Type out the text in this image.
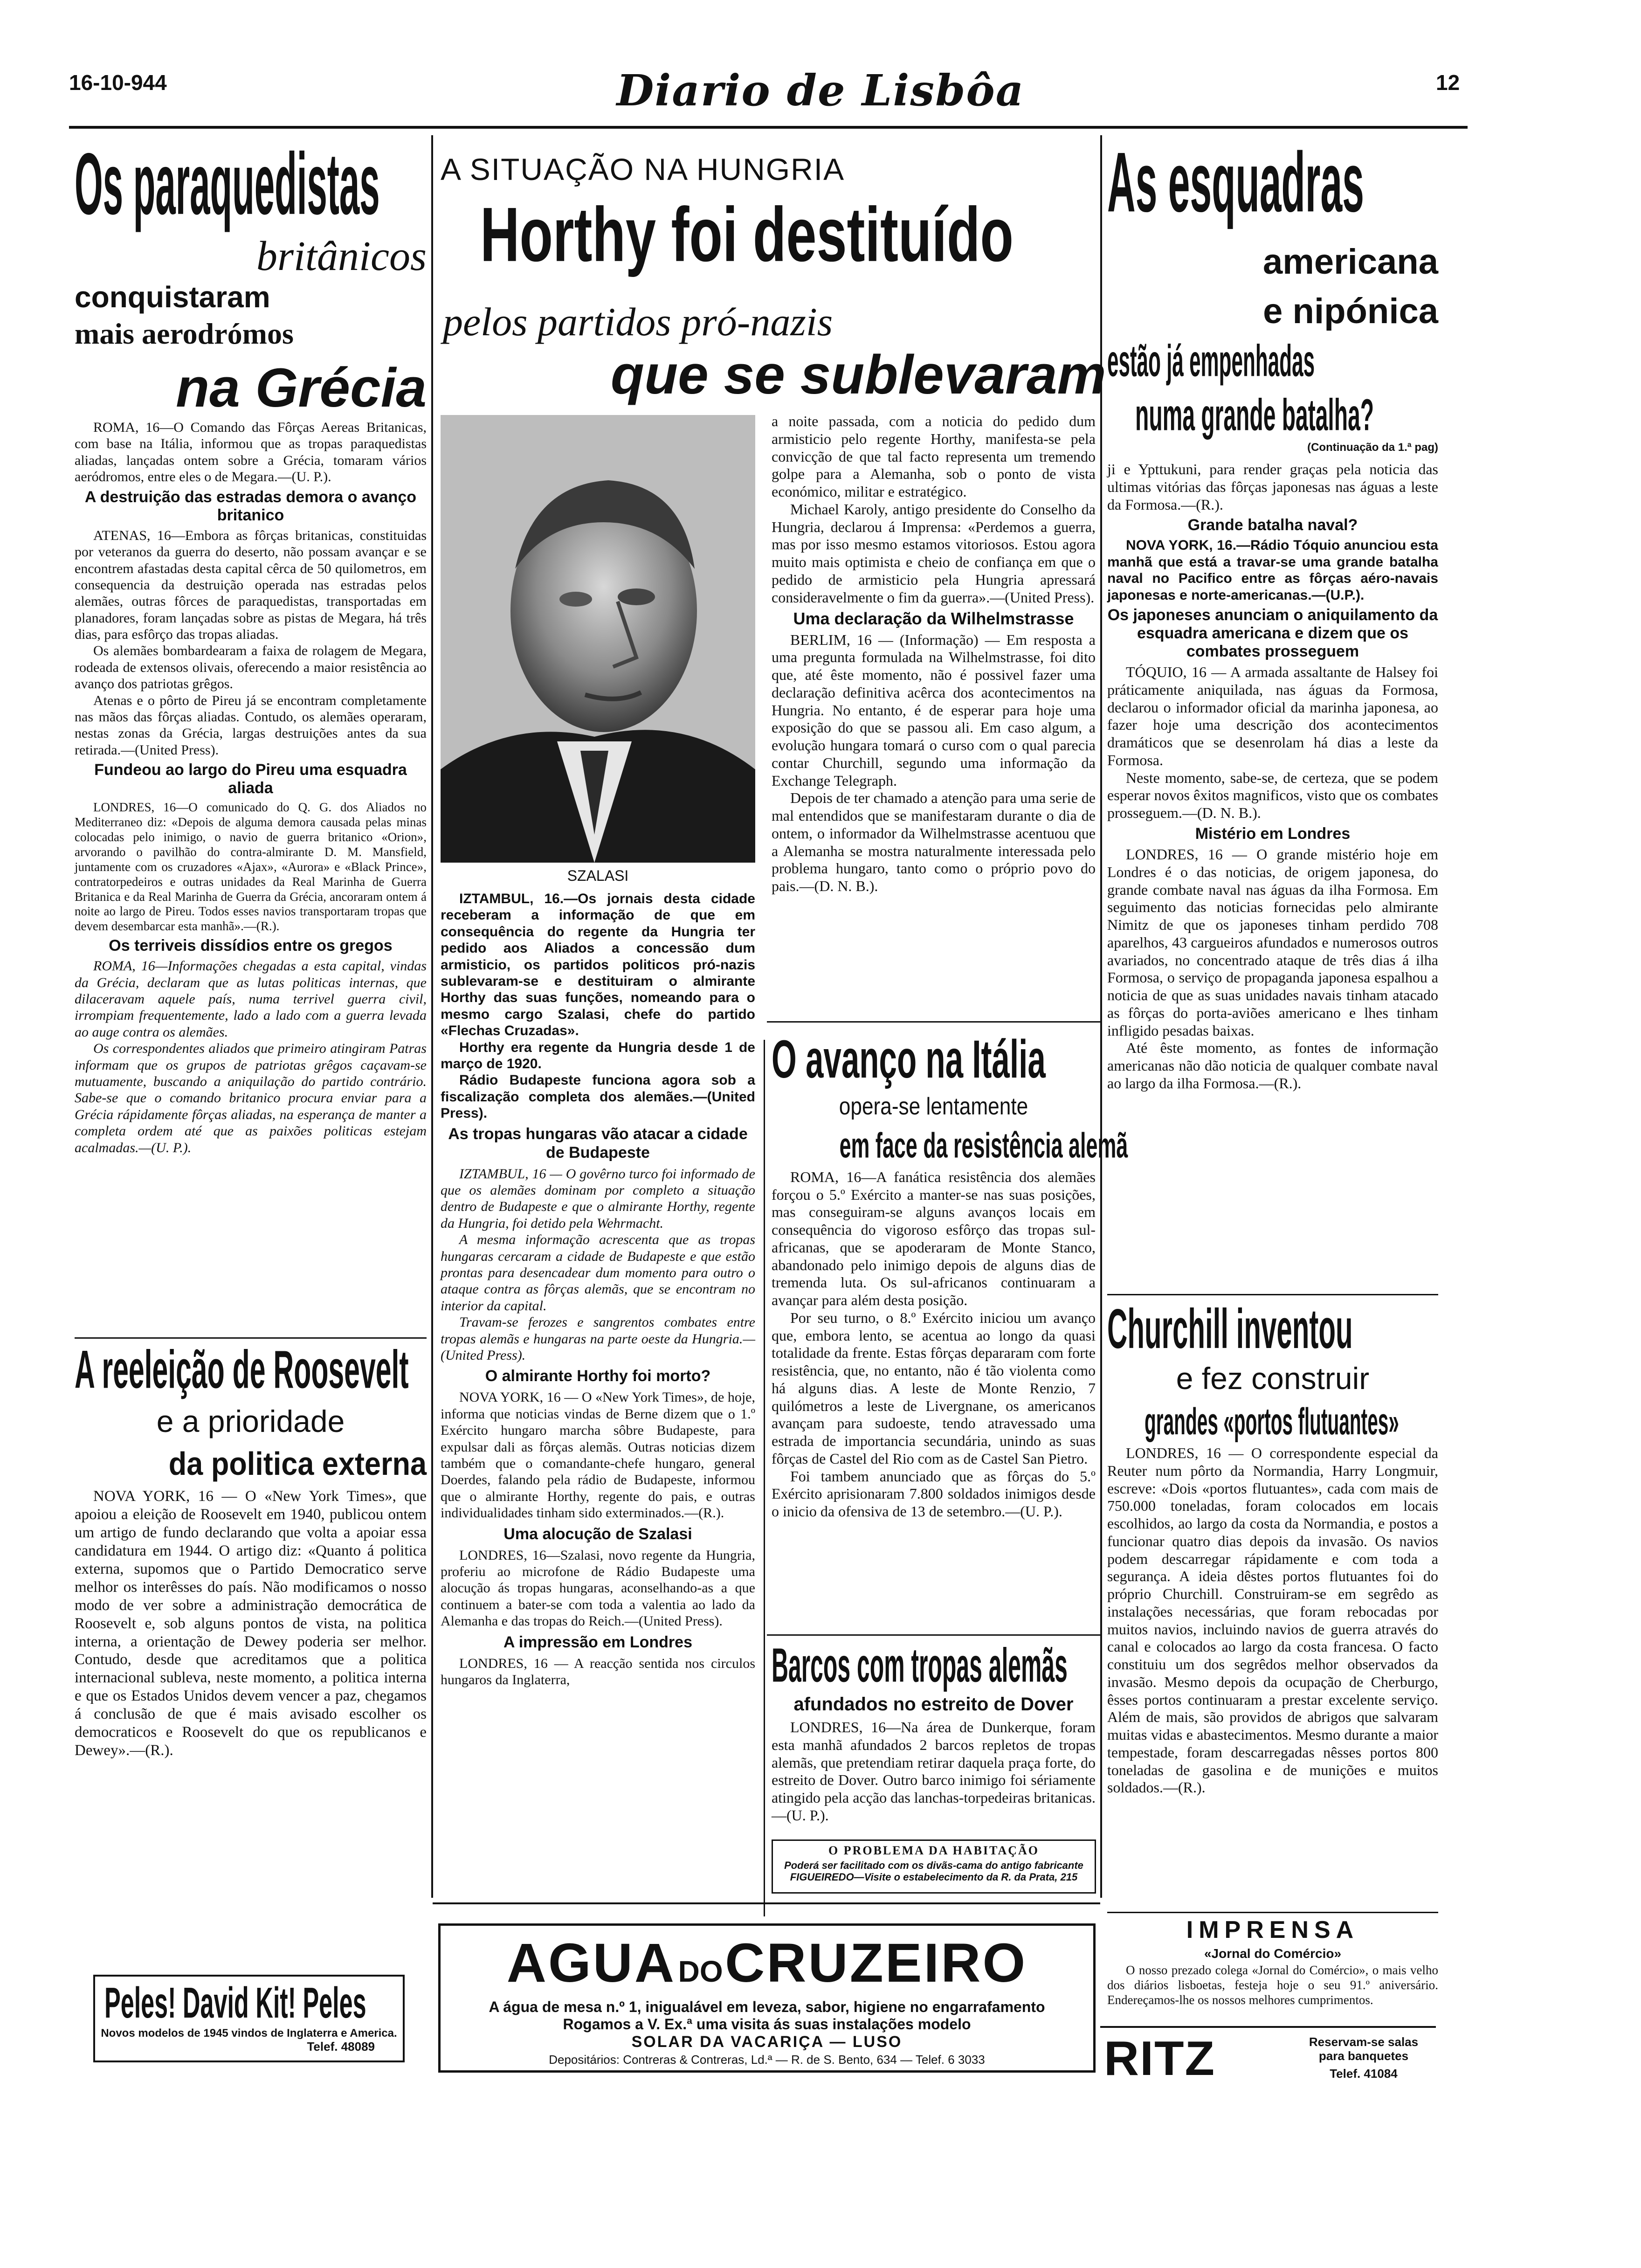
16-10-944	Diario de Lisbôa	12
Os paraquedistas
britânicos
conquistaram
mais aerodrómos
na Grécia

ROMA, 16—O Comando das Fôrças Aereas Britanicas, com base na Itália, informou que as tropas paraquedistas aliadas, lançadas ontem sobre a Grécia, tomaram vários aeródromos, entre eles o de Megara.—(U. P.).

A destruição das estradas demora o avanço britanico

ATENAS, 16—Embora as fôrças britanicas, constituidas por veteranos da guerra do deserto, não possam avançar e se encontrem afastadas desta capital cêrca de 50 quilometros, em consequencia da destruição operada nas estradas pelos alemães, outras fôrces de paraquedistas, transportadas em planadores, foram lançadas sobre as pistas de Megara, há três dias, para esfôrço das tropas aliadas.

Os alemães bombardearam a faixa de rolagem de Megara, rodeada de extensos olivais, oferecendo a maior resistência ao avanço dos patriotas grêgos.

Atenas e o pôrto de Pireu já se encontram completamente nas mãos das fôrças aliadas. Contudo, os alemães operaram, nestas zonas da Grécia, largas destruições antes da sua retirada.—(United Press).

Fundeou ao largo do Pireu uma esquadra aliada

LONDRES, 16—O comunicado do Q. G. dos Aliados no Mediterraneo diz: «Depois de alguma demora causada pelas minas colocadas pelo inimigo, o navio de guerra britanico «Orion», arvorando o pavilhão do contra-almirante D. M. Mansfield, juntamente com os cruzadores «Ajax», «Aurora» e «Black Prince», contratorpedeiros e outras unidades da Real Marinha de Guerra Britanica e da Real Marinha de Guerra da Grécia, ancoraram ontem á noite ao largo de Pireu. Todos esses navios transportaram tropas que devem desembarcar esta manhã».—(R.).

Os terriveis dissídios entre os gregos

ROMA, 16—Informações chegadas a esta capital, vindas da Grécia, declaram que as lutas politicas internas, que dilaceravam aquele país, numa terrivel guerra civil, irrompiam frequentemente, lado a lado com a guerra levada ao auge contra os alemães.

Os correspondentes aliados que primeiro atingiram Patras informam que os grupos de patriotas grêgos caçavam-se mutuamente, buscando a aniquilação do partido contrário. Sabe-se que o comando britanico procura enviar para a Grécia rápidamente fôrças aliadas, na esperança de manter a completa ordem até que as paixões politicas estejam acalmadas.—(U. P.).

A reeleição de Roosevelt
e a prioridade
da politica externa

NOVA YORK, 16 — O «New York Times», que apoiou a eleição de Roosevelt em 1940, publicou ontem um artigo de fundo declarando que volta a apoiar essa candidatura em 1944. O artigo diz: «Quanto á politica externa, supomos que o Partido Democratico serve melhor os interêsses do país. Não modificamos o nosso modo de ver sobre a administração democrática de Roosevelt e, sob alguns pontos de vista, na politica interna, a orientação de Dewey poderia ser melhor. Contudo, desde que acreditamos que a politica internacional subleva, neste momento, a politica interna e que os Estados Unidos devem vencer a paz, chegamos á conclusão de que é mais avisado escolher os democraticos e Roosevelt do que os republicanos e Dewey».—(R.).

Peles! David Kit! Peles
Novos modelos de 1945 vindos de Inglaterra e America.
Telef. 48089
A SITUAÇÃO NA HUNGRIA
Horthy foi destituído
pelos partidos pró-nazis
que se sublevaram
SZALASI

IZTAMBUL, 16.—Os jornais desta cidade receberam a informação de que em consequência do regente da Hungria ter pedido aos Aliados a concessão dum armisticio, os partidos politicos pró-nazis sublevaram-se e destituiram o almirante Horthy das suas funções, nomeando para o mesmo cargo Szalasi, chefe do partido «Flechas Cruzadas».

Horthy era regente da Hungria desde 1 de março de 1920.

Rádio Budapeste funciona agora sob a fiscalização completa dos alemães.—(United Press).

As tropas hungaras vão atacar a cidade de Budapeste

IZTAMBUL, 16 — O govêrno turco foi informado de que os alemães dominam por completo a situação dentro de Budapeste e que o almirante Horthy, regente da Hungria, foi detido pela Wehrmacht.

A mesma informação acrescenta que as tropas hungaras cercaram a cidade de Budapeste e que estão prontas para desencadear dum momento para outro o ataque contra as fôrças alemãs, que se encontram no interior da capital.

Travam-se ferozes e sangrentos combates entre tropas alemãs e hungaras na parte oeste da Hungria.—(United Press).

O almirante Horthy foi morto?

NOVA YORK, 16 — O «New York Times», de hoje, informa que noticias vindas de Berne dizem que o 1.º Exército hungaro marcha sôbre Budapeste, para expulsar dali as fôrças alemãs. Outras noticias dizem também que o comandante-chefe hungaro, general Doerdes, falando pela rádio de Budapeste, informou que o almirante Horthy, regente do pais, e outras individualidades tinham sido exterminados.—(R.).

Uma alocução de Szalasi

LONDRES, 16—Szalasi, novo regente da Hungria, proferiu ao microfone de Rádio Budapeste uma alocução ás tropas hungaras, aconselhando-as a que continuem a bater-se com toda a valentia ao lado da Alemanha e das tropas do Reich.—(United Press).

A impressão em Londres

LONDRES, 16 — A reacção sentida nos circulos hungaros da Inglaterra,

a noite passada, com a noticia do pedido dum armisticio pelo regente Horthy, manifesta-se pela convicção de que tal facto representa um tremendo golpe para a Alemanha, sob o ponto de vista económico, militar e estratégico.

Michael Karoly, antigo presidente do Conselho da Hungria, declarou á Imprensa: «Perdemos a guerra, mas por isso mesmo estamos vitoriosos. Estou agora muito mais optimista e cheio de confiança em que o pedido de armisticio pela Hungria apressará consideravelmente o fim da guerra».—(United Press).

Uma declaração da Wilhelmstrasse

BERLIM, 16 — (Informação) — Em resposta a uma pregunta formulada na Wilhelmstrasse, foi dito que, até êste momento, não é possivel fazer uma declaração definitiva acêrca dos acontecimentos na Hungria. No entanto, é de esperar para hoje uma exposição do que se passou ali. Em caso algum, a evolução hungara tomará o curso com o qual parecia contar Churchill, segundo uma informação da Exchange Telegraph.

Depois de ter chamado a atenção para uma serie de mal entendidos que se manifestaram durante o dia de ontem, o informador da Wilhelmstrasse acentuou que a Alemanha se mostra naturalmente interessada pelo problema hungaro, tanto como o próprio povo do pais.—(D. N. B.).

O avanço na Itália
opera-se lentamente
em face da resistência alemã

ROMA, 16—A fanática resistência dos alemães forçou o 5.º Exército a manter-se nas suas posições, mas conseguiram-se alguns avanços locais em consequência do vigoroso esfôrço das tropas sul-africanas, que se apoderaram de Monte Stanco, abandonado pelo inimigo depois de alguns dias de tremenda luta. Os sul-africanos continuaram a avançar para além desta posição.

Por seu turno, o 8.º Exército iniciou um avanço que, embora lento, se acentua ao longo da quasi totalidade da frente. Estas fôrças depararam com forte resistência, que, no entanto, não é tão violenta como há alguns dias. A leste de Monte Renzio, 7 quilómetros a leste de Livergnane, os americanos avançam para sudoeste, tendo atravessado uma estrada de importancia secundária, unindo as suas fôrças de Castel del Rio com as de Castel San Pietro.

Foi tambem anunciado que as fôrças do 5.º Exército aprisionaram 7.800 soldados inimigos desde o inicio da ofensiva de 13 de setembro.—(U. P.).

Barcos com tropas alemãs
afundados no estreito de Dover

LONDRES, 16—Na área de Dunkerque, foram esta manhã afundados 2 barcos repletos de tropas alemãs, que pretendiam retirar daquela praça forte, do estreito de Dover. Outro barco inimigo foi sériamente atingido pela acção das lanchas-torpedeiras britanicas.—(U. P.).

O PROBLEMA DA HABITAÇÃO
Poderá ser facilitado com os divãs-cama do antigo fabricante FIGUEIREDO—Visite o estabelecimento da R. da Prata, 215
AGUA DO CRUZEIRO
A água de mesa n.º 1, inigualável em leveza, sabor, higiene no engarrafamento
Rogamos a V. Ex.ª uma visita ás suas instalações modelo
SOLAR DA VACARIÇA — LUSO
Depositários: Contreras & Contreras, Ld.ª — R. de S. Bento, 634 — Telef. 6 3033
As esquadras
americana
e nipónica
estão já empenhadas
numa grande batalha?
(Continuação da 1.ª pag)

ji e Ypttukuni, para render graças pela noticia das ultimas vitórias das fôrças japonesas nas águas a leste da Formosa.—(R.).

Grande batalha naval?

NOVA YORK, 16.—Rádio Tóquio anunciou esta manhã que está a travar-se uma grande batalha naval no Pacifico entre as fôrças aéro-navais japonesas e norte-americanas.—(U.P.).

Os japoneses anunciam o aniquilamento da esquadra americana e dizem que os combates prosseguem

TÓQUIO, 16 — A armada assaltante de Halsey foi práticamente aniquilada, nas águas da Formosa, declarou o informador oficial da marinha japonesa, ao fazer hoje uma descrição dos acontecimentos dramáticos que se desenrolam há dias a leste da Formosa.

Neste momento, sabe-se, de certeza, que se podem esperar novos êxitos magnificos, visto que os combates prosseguem.—(D. N. B.).

Mistério em Londres

LONDRES, 16 — O grande mistério hoje em Londres é o das noticias, de origem japonesa, do grande combate naval nas águas da ilha Formosa. Em seguimento das noticias fornecidas pelo almirante Nimitz de que os japoneses tinham perdido 708 aparelhos, 43 cargueiros afundados e numerosos outros avariados, no concentrado ataque de três dias á ilha Formosa, o serviço de propaganda japonesa espalhou a noticia de que as suas unidades navais tinham atacado as fôrças do porta-aviões americano e lhes tinham infligido pesadas baixas.

Até êste momento, as fontes de informação americanas não dão noticia de qualquer combate naval ao largo da ilha Formosa.—(R.).

Churchill inventou
e fez construir
grandes «portos flutuantes»

LONDRES, 16 — O correspondente especial da Reuter num pôrto da Normandia, Harry Longmuir, escreve: «Dois «portos flutuantes», cada com mais de 750.000 toneladas, foram colocados em locais escolhidos, ao largo da costa da Normandia, e postos a funcionar quatro dias depois da invasão. Os navios podem descarregar rápidamente e com toda a segurança. A ideia dêstes portos flutuantes foi do próprio Churchill. Construiram-se em segrêdo as instalações necessárias, que foram rebocadas por muitos navios, incluindo navios de guerra através do canal e colocados ao largo da costa francesa. O facto constituiu um dos segrêdos melhor observados da invasão. Mesmo depois da ocupação de Cherburgo, êsses portos continuaram a prestar excelente serviço. Além de mais, são providos de abrigos que salvaram muitas vidas e abastecimentos. Mesmo durante a maior tempestade, foram descarregadas nêsses portos 800 toneladas de gasolina e de munições e muitos soldados.—(R.).

IMPRENSA
«Jornal do Comércio»

O nosso prezado colega «Jornal do Comércio», o mais velho dos diários lisboetas, festeja hoje o seu 91.º aniversário. Endereçamos-lhe os nossos melhores cumprimentos.

RITZ	Reservam-se salas para banquetes
Telef. 41084
